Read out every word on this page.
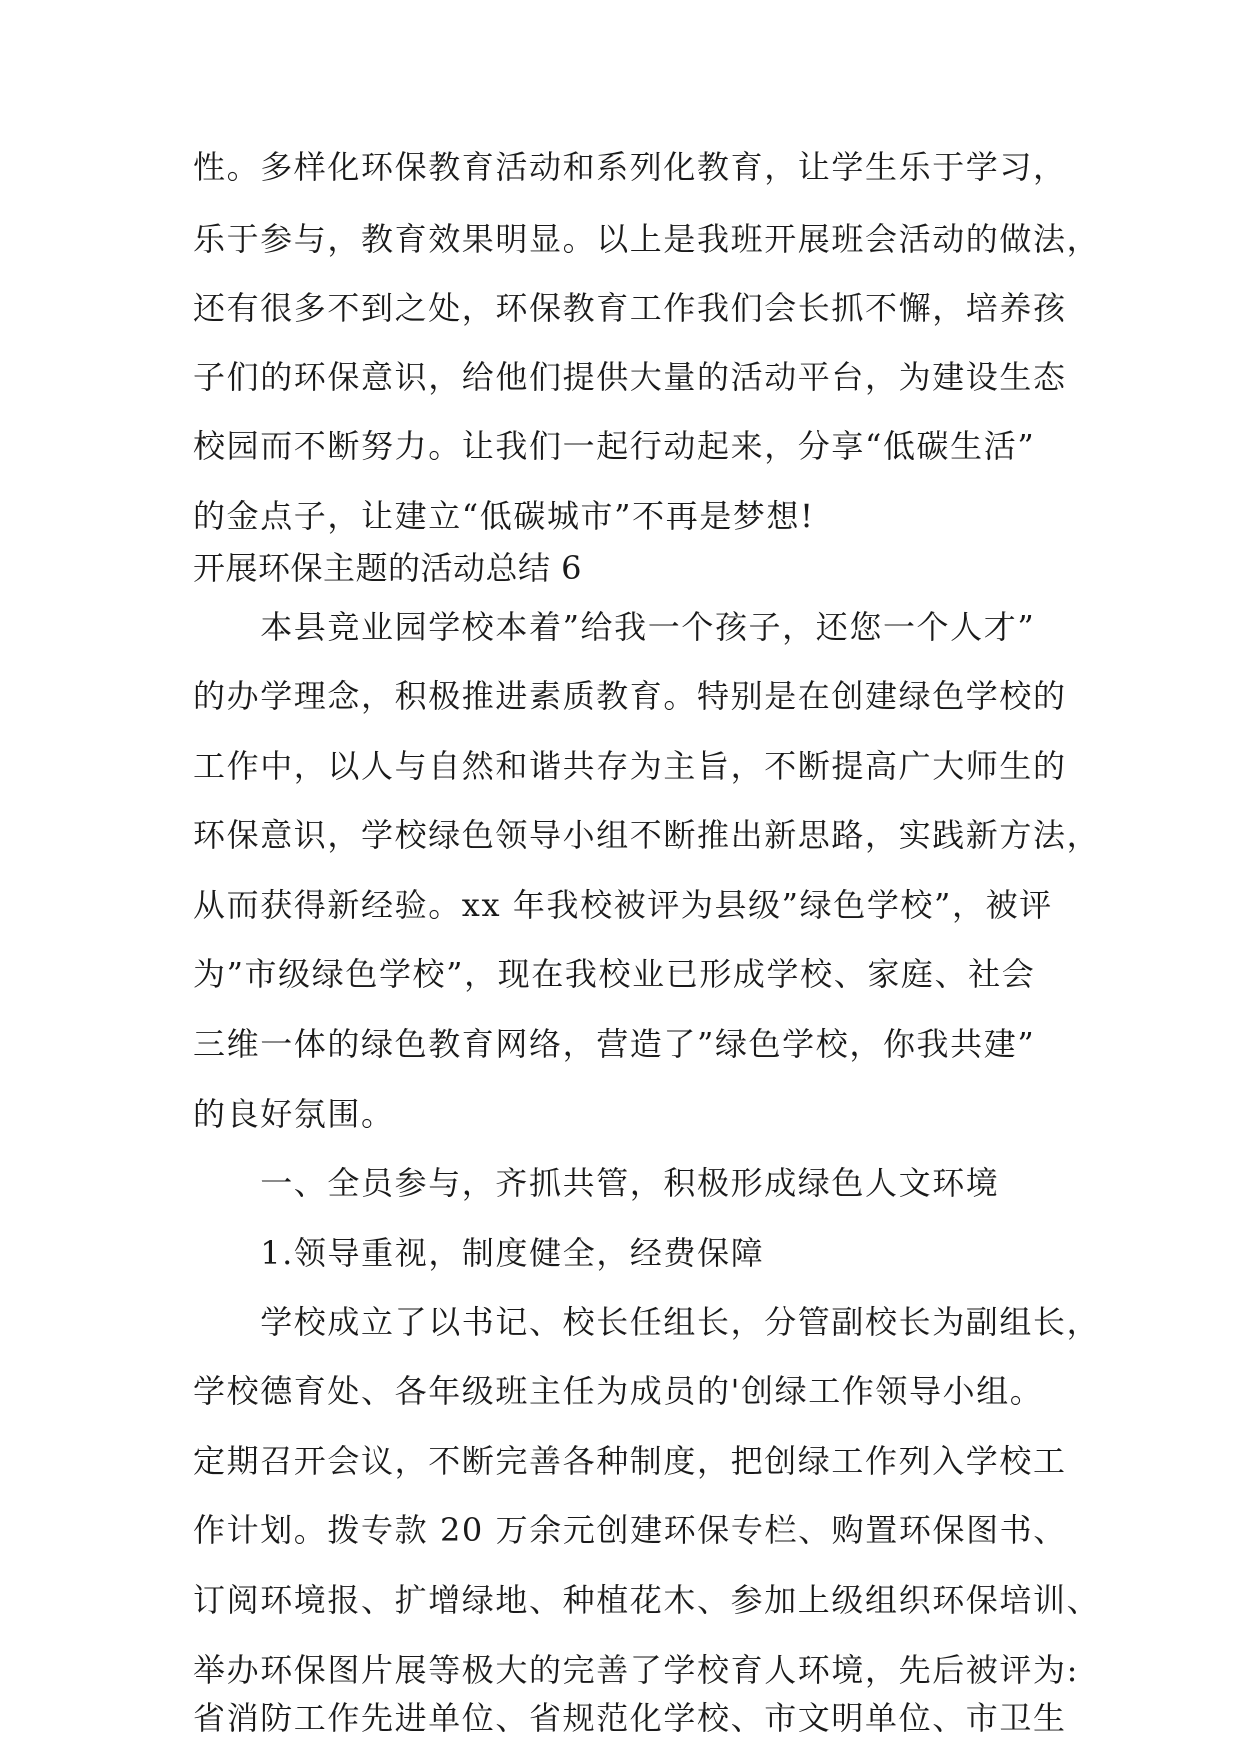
性。多样化环保教育活动和系列化教育，让学生乐于学习，
乐于参与，教育效果明显。以上是我班开展班会活动的做法，
还有很多不到之处，环保教育工作我们会长抓不懈，培养孩
子们的环保意识，给他们提供大量的活动平台，为建设生态
校园而不断努力。让我们一起行动起来，分享“低碳生活”
的金点子，让建立“低碳城市”不再是梦想!
开展环保主题的活动总结 6
　　本县竞业园学校本着”给我一个孩子，还您一个人才”
的办学理念，积极推进素质教育。特别是在创建绿色学校的
工作中，以人与自然和谐共存为主旨，不断提高广大师生的
环保意识，学校绿色领导小组不断推出新思路，实践新方法，
从而获得新经验。xx 年我校被评为县级”绿色学校”，被评
为”市级绿色学校”，现在我校业已形成学校、家庭、社会
三维一体的绿色教育网络，营造了”绿色学校，你我共建”
的良好氛围。
　　一、全员参与，齐抓共管，积极形成绿色人文环境
　　1.领导重视，制度健全，经费保障
　　学校成立了以书记、校长任组长，分管副校长为副组长，
学校德育处、各年级班主任为成员的'创绿工作领导小组。
定期召开会议，不断完善各种制度，把创绿工作列入学校工
作计划。拨专款 20 万余元创建环保专栏、购置环保图书、
订阅环境报、扩增绿地、种植花木、参加上级组织环保培训、
举办环保图片展等极大的完善了学校育人环境，先后被评为:
省消防工作先进单位、省规范化学校、市文明单位、市卫生
